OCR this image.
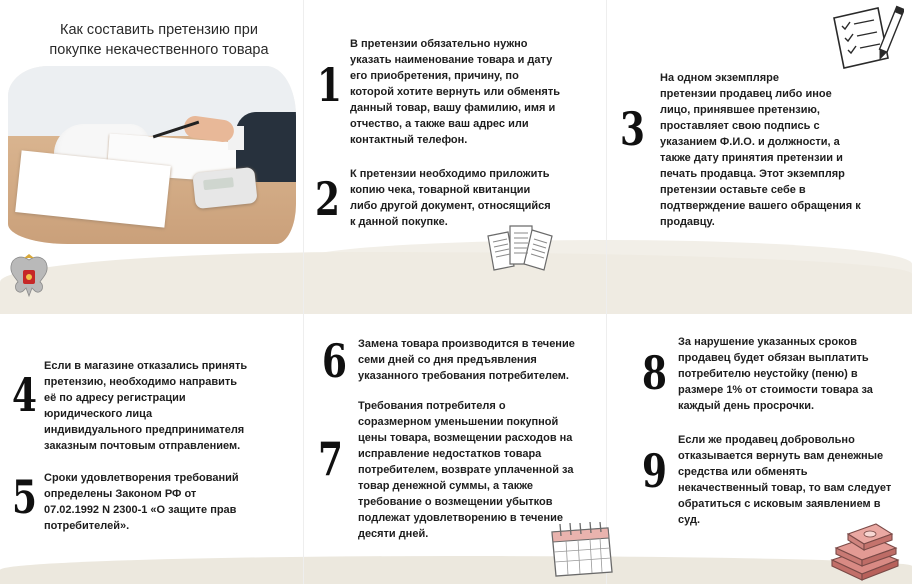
Как составить претензию при
покупке некачественного товара
1
В претензии обязательно нужно
указать наименование товара и дату
его приобретения, причину, по
которой хотите вернуть или обменять
данный товар, вашу фамилию, имя и
отчество, а также ваш адрес или
контактный телефон.
2 К претензии необходимо приложить
копию чека, товарной квитанции
либо другой документ, относящийся
к данной покупке.
3
На одном экземпляре
претензии продавец либо иное
лицо, принявшее претензию,
проставляет свою подпись с
указанием Ф.И.О. и должности, а
также дату принятия претензии и
печать продавца. Этот экземпляр
претензии оставьте себе в
подтверждение вашего обращения к
продавцу.
4
Если в магазине отказались принять
претензию, необходимо направить
её по адресу регистрации
юридического лица
индивидуального предпринимателя
заказным почтовым отправлением.
5 Сроки удовлетворения требований
определены Законом РФ от
07.02.1992 N 2300-1 «О защите прав
потребителей».
6 Замена товара производится в течение
семи дней со дня предъявления
указанного требования потребителем.
7
Требования потребителя о
соразмерном уменьшении покупной
цены товара, возмещении расходов на
исправление недостатков товара
потребителем, возврате уплаченной за
товар денежной суммы, а также
требование о возмещении убытков
подлежат удовлетворению в течение
десяти дней.
8
За нарушение указанных сроков
продавец будет обязан выплатить
потребителю неустойку (пеню) в
размере 1% от стоимости товара за
каждый день просрочки.
9
Если же продавец добровольно
отказывается вернуть вам денежные
средства или обменять
некачественный товар, то вам следует
обратиться с исковым заявлением в
суд.
